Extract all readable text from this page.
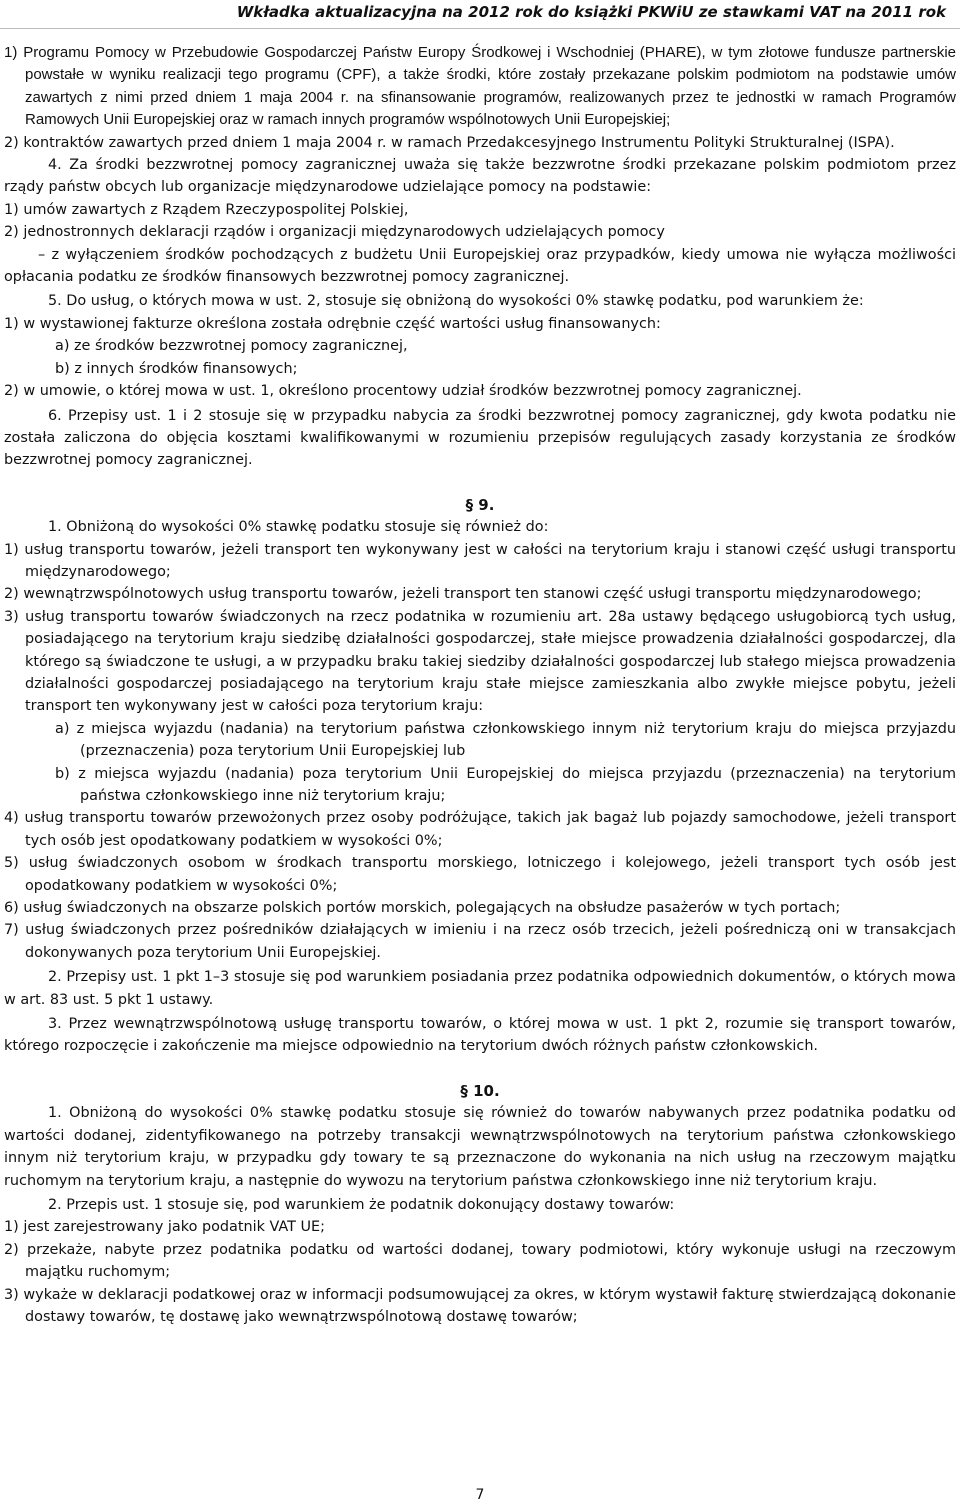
Wkładka aktualizacyjna na 2012 rok do książki PKWiU ze stawkami VAT na 2011 rok

1) Programu Pomocy w Przebudowie Gospodarczej Państw Europy Środkowej i Wschodniej (PHARE), w tym złotowe fundusze partnerskie powstałe w wyniku realizacji tego programu (CPF), a także środki, które zostały przekazane polskim podmiotom na podstawie umów zawartych z nimi przed dniem 1 maja 2004 r. na sfinansowanie programów, realizowanych przez te jednostki w ramach Programów Ramowych Unii Europejskiej oraz w ramach innych programów wspólnotowych Unii Europejskiej;

2) kontraktów zawartych przed dniem 1 maja 2004 r. w ramach Przedakcesyjnego Instrumentu Polityki Strukturalnej (ISPA).

4. Za środki bezzwrotnej pomocy zagranicznej uważa się także bezzwrotne środki przekazane polskim podmiotom przez rządy państw obcych lub organizacje międzynarodowe udzielające pomocy na podstawie:

1) umów zawartych z Rządem Rzeczypospolitej Polskiej,

2) jednostronnych deklaracji rządów i organizacji międzynarodowych udzielających pomocy

– z wyłączeniem środków pochodzących z budżetu Unii Europejskiej oraz przypadków, kiedy umowa nie wyłącza możliwości opłacania podatku ze środków finansowych bezzwrotnej pomocy zagranicznej.

5. Do usług, o których mowa w ust. 2, stosuje się obniżoną do wysokości 0% stawkę podatku, pod warunkiem że:

1) w wystawionej fakturze określona została odrębnie część wartości usług finansowanych:

a) ze środków bezzwrotnej pomocy zagranicznej,

b) z innych środków finansowych;

2) w umowie, o której mowa w ust. 1, określono procentowy udział środków bezzwrotnej pomocy zagranicznej.

6. Przepisy ust. 1 i 2 stosuje się w przypadku nabycia za środki bezzwrotnej pomocy zagranicznej, gdy kwota podatku nie została zaliczona do objęcia kosztami kwalifikowanymi w rozumieniu przepisów regulujących zasady korzystania ze środków bezzwrotnej pomocy zagranicznej.

§ 9.

1. Obniżoną do wysokości 0% stawkę podatku stosuje się również do:

1) usług transportu towarów, jeżeli transport ten wykonywany jest w całości na terytorium kraju i stanowi część usługi transportu międzynarodowego;

2) wewnątrzwspólnotowych usług transportu towarów, jeżeli transport ten stanowi część usługi transportu międzynarodowego;

3) usług transportu towarów świadczonych na rzecz podatnika w rozumieniu art. 28a ustawy będącego usługobiorcą tych usług, posiadającego na terytorium kraju siedzibę działalności gospodarczej, stałe miejsce prowadzenia działalności gospodarczej, dla którego są świadczone te usługi, a w przypadku braku takiej siedziby działalności gospodarczej lub stałego miejsca prowadzenia działalności gospodarczej posiadającego na terytorium kraju stałe miejsce zamieszkania albo zwykłe miejsce pobytu, jeżeli transport ten wykonywany jest w całości poza terytorium kraju:

a) z miejsca wyjazdu (nadania) na terytorium państwa członkowskiego innym niż terytorium kraju do miejsca przyjazdu (przeznaczenia) poza terytorium Unii Europejskiej lub

b) z miejsca wyjazdu (nadania) poza terytorium Unii Europejskiej do miejsca przyjazdu (przeznaczenia) na terytorium państwa członkowskiego inne niż terytorium kraju;

4) usług transportu towarów przewożonych przez osoby podróżujące, takich jak bagaż lub pojazdy samochodowe, jeżeli transport tych osób jest opodatkowany podatkiem w wysokości 0%;

5) usług świadczonych osobom w środkach transportu morskiego, lotniczego i kolejowego, jeżeli transport tych osób jest opodatkowany podatkiem w wysokości 0%;

6) usług świadczonych na obszarze polskich portów morskich, polegających na obsłudze pasażerów w tych portach;

7) usług świadczonych przez pośredników działających w imieniu i na rzecz osób trzecich, jeżeli pośredniczą oni w transakcjach dokonywanych poza terytorium Unii Europejskiej.

2. Przepisy ust. 1 pkt 1–3 stosuje się pod warunkiem posiadania przez podatnika odpowiednich dokumentów, o których mowa w art. 83 ust. 5 pkt 1 ustawy.

3. Przez wewnątrzwspólnotową usługę transportu towarów, o której mowa w ust. 1 pkt 2, rozumie się transport towarów, którego rozpoczęcie i zakończenie ma miejsce odpowiednio na terytorium dwóch różnych państw członkowskich.

§ 10.

1. Obniżoną do wysokości 0% stawkę podatku stosuje się również do towarów nabywanych przez podatnika podatku od wartości dodanej, zidentyfikowanego na potrzeby transakcji wewnątrzwspólnotowych na terytorium państwa członkowskiego innym niż terytorium kraju, w przypadku gdy towary te są przeznaczone do wykonania na nich usług na rzeczowym majątku ruchomym na terytorium kraju, a następnie do wywozu na terytorium państwa członkowskiego inne niż terytorium kraju.

2. Przepis ust. 1 stosuje się, pod warunkiem że podatnik dokonujący dostawy towarów:

1) jest zarejestrowany jako podatnik VAT UE;

2) przekaże, nabyte przez podatnika podatku od wartości dodanej, towary podmiotowi, który wykonuje usługi na rzeczowym majątku ruchomym;

3) wykaże w deklaracji podatkowej oraz w informacji podsumowującej za okres, w którym wystawił fakturę stwierdzającą dokonanie dostawy towarów, tę dostawę jako wewnątrzwspólnotową dostawę towarów;

7
